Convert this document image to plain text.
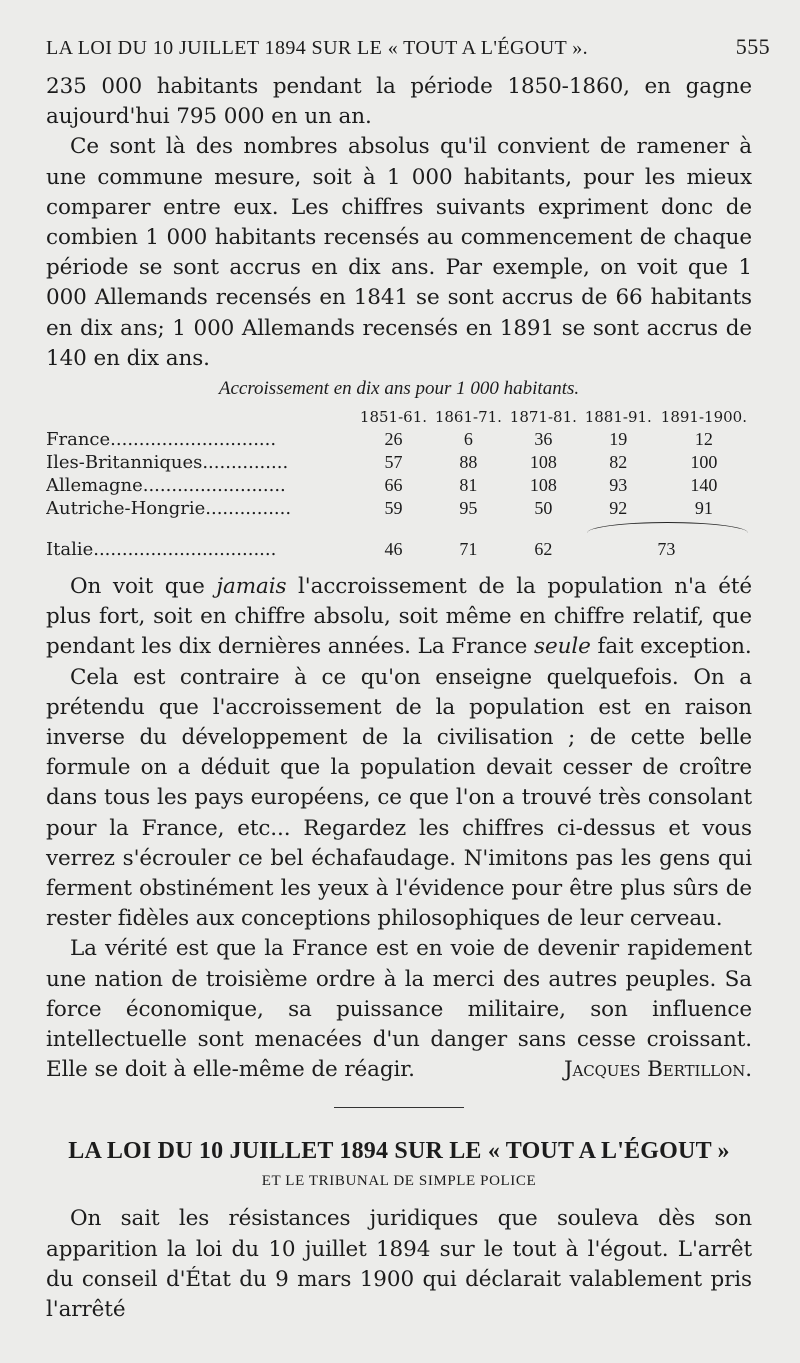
LA LOI DU 10 JUILLET 1894 SUR LE « TOUT A L'ÉGOUT ».	555

235 000 habitants pendant la période 1850-1860, en gagne aujourd'hui 795 000 en un an.

Ce sont là des nombres absolus qu'il convient de ramener à une commune mesure, soit à 1 000 habitants, pour les mieux comparer entre eux. Les chiffres suivants expriment donc de combien 1 000 habitants recensés au commencement de chaque période se sont accrus en dix ans. Par exemple, on voit que 1 000 Allemands recensés en 1841 se sont accrus de 66 habitants en dix ans; 1 000 Allemands recensés en 1891 se sont accrus de 140 en dix ans.

Accroissement en dix ans pour 1 000 habitants.
	1851-61.	1861-71.	1871-81.	1881-91.	1891-1900.
France.............................	26	6	36	19	12
Iles-Britanniques...............	57	88	108	82	100
Allemagne.........................	66	81	108	93	140
Autriche-Hongrie...............	59	95	50	92	91
Italie................................	46	71	62	73	

On voit que jamais l'accroissement de la population n'a été plus fort, soit en chiffre absolu, soit même en chiffre relatif, que pendant les dix dernières années. La France seule fait exception.

Cela est contraire à ce qu'on enseigne quelquefois. On a prétendu que l'accroissement de la population est en raison inverse du développement de la civilisation ; de cette belle formule on a déduit que la population devait cesser de croître dans tous les pays européens, ce que l'on a trouvé très consolant pour la France, etc... Regardez les chiffres ci-dessus et vous verrez s'écrouler ce bel échafaudage. N'imitons pas les gens qui ferment obstinément les yeux à l'évidence pour être plus sûrs de rester fidèles aux conceptions philosophiques de leur cerveau.

La vérité est que la France est en voie de devenir rapidement une nation de troisième ordre à la merci des autres peuples. Sa force économique, sa puissance militaire, son influence intellectuelle sont menacées d'un danger sans cesse croissant. Elle se doit à elle-même de réagir.	Jacques Bertillon.

LA LOI DU 10 JUILLET 1894 SUR LE « TOUT A L'ÉGOUT »
ET LE TRIBUNAL DE SIMPLE POLICE

On sait les résistances juridiques que souleva dès son apparition la loi du 10 juillet 1894 sur le tout à l'égout. L'arrêt du conseil d'État du 9 mars 1900 qui déclarait valablement pris l'arrêté
